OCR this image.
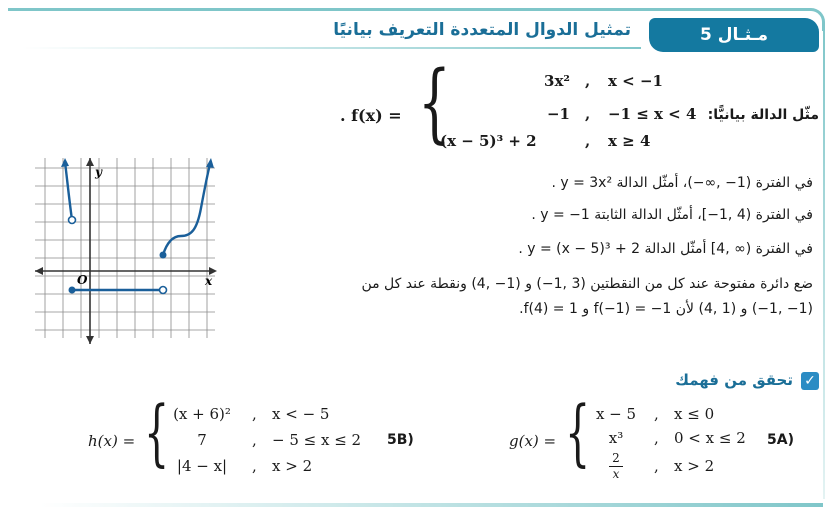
مـثـال 5
تمثيل الدوال المتعددة التعريف بيانيًا
مثّل الدالة بيانيًّا:
. f(x) = {	3x² , x < −1
−1 , −1 ≤ x < 4
(x − 5)³ + 2	, x ≥ 4
في الفترة (1− ,∞−)، أمثّل الدالة y = 3x² .
في الفترة (4 ,1−]، أمثّل الدالة الثابتة 1− = y .
في الفترة (∞ ,4] أمثّل الدالة y = (x − 5)³ + 2 .
ضع دائرة مفتوحة عند كل من النقطتين (3 ,1−) و (1− ,4) ونقطة عند كل من
(1− ,1−) و (1 ,4) لأن f(−1) = −1 و f(4) = 1.
y
x
O
✓
تحقق من فهمك
5A)
g(x) = { x − 5	, x ≤ 0
x³	, 0 < x ≤ 2
2
x , x > 2
5B)
h(x) = { (x + 6)²	, x < − 5
7	, − 5 ≤ x ≤ 2
|4 − x|	, x > 2
